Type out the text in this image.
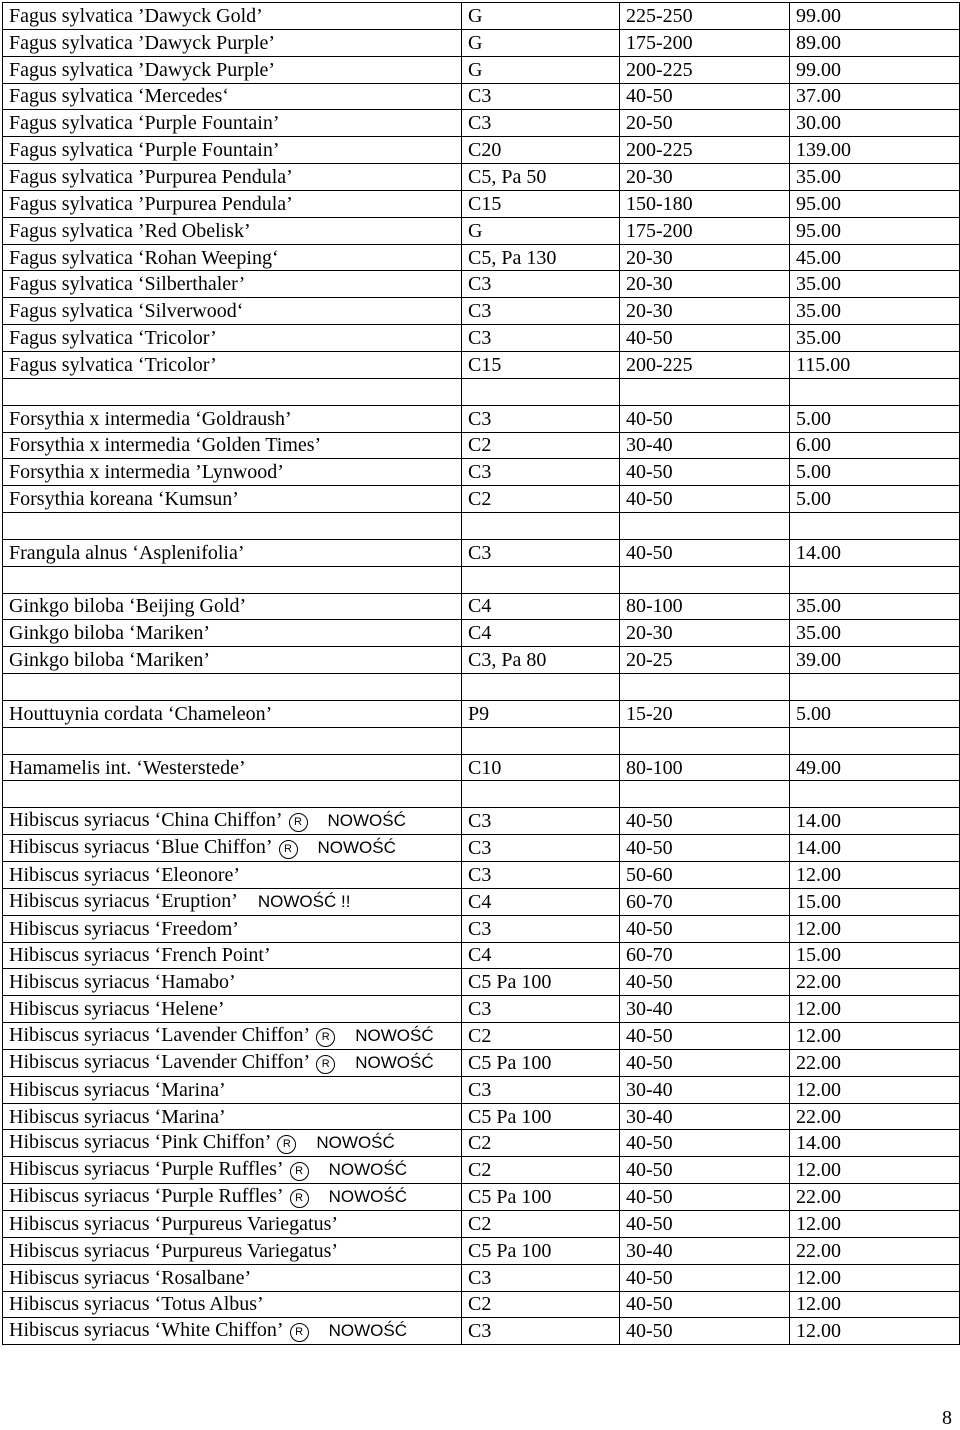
Fagus sylvatica ’Dawyck Gold’	G	225-250	99.00
Fagus sylvatica ’Dawyck Purple’	G	175-200	89.00
Fagus sylvatica ’Dawyck Purple’	G	200-225	99.00
Fagus sylvatica ‘Mercedes‘	C3	40-50	37.00
Fagus sylvatica ‘Purple Fountain’	C3	20-50	30.00
Fagus sylvatica ‘Purple Fountain’	C20	200-225	139.00
Fagus sylvatica ’Purpurea Pendula’	C5, Pa 50	20-30	35.00
Fagus sylvatica ’Purpurea Pendula’	C15	150-180	95.00
Fagus sylvatica ’Red Obelisk’	G	175-200	95.00
Fagus sylvatica ‘Rohan Weeping‘	C5, Pa 130	20-30	45.00
Fagus sylvatica ‘Silberthaler’	C3	20-30	35.00
Fagus sylvatica ‘Silverwood‘	C3	20-30	35.00
Fagus sylvatica ‘Tricolor’	C3	40-50	35.00
Fagus sylvatica ‘Tricolor’	C15	200-225	115.00

Forsythia x intermedia ‘Goldraush’	C3	40-50	5.00
Forsythia x intermedia ‘Golden Times’	C2	30-40	6.00
Forsythia x intermedia ’Lynwood’	C3	40-50	5.00
Forsythia koreana ‘Kumsun’	C2	40-50	5.00

Frangula alnus ‘Asplenifolia’	C3	40-50	14.00

Ginkgo biloba ‘Beijing Gold’	C4	80-100	35.00
Ginkgo biloba ‘Mariken’	C4	20-30	35.00
Ginkgo biloba ‘Mariken’	C3, Pa 80	20-25	39.00

Houttuynia cordata ‘Chameleon’	P9	15-20	5.00

Hamamelis int. ‘Westerstede’	C10	80-100	49.00

Hibiscus syriacus ‘China Chiffon’ R NOWOŚĆ	C3	40-50	14.00
Hibiscus syriacus ‘Blue Chiffon’ R NOWOŚĆ	C3	40-50	14.00
Hibiscus syriacus ‘Eleonore’	C3	50-60	12.00
Hibiscus syriacus ‘Eruption’ NOWOŚĆ !!	C4	60-70	15.00
Hibiscus syriacus ‘Freedom’	C3	40-50	12.00
Hibiscus syriacus ‘French Point’	C4	60-70	15.00
Hibiscus syriacus ‘Hamabo’	C5 Pa 100	40-50	22.00
Hibiscus syriacus ‘Helene’	C3	30-40	12.00
Hibiscus syriacus ‘Lavender Chiffon’ R NOWOŚĆ	C2	40-50	12.00
Hibiscus syriacus ‘Lavender Chiffon’ R NOWOŚĆ	C5 Pa 100	40-50	22.00
Hibiscus syriacus ‘Marina’	C3	30-40	12.00
Hibiscus syriacus ‘Marina’	C5 Pa 100	30-40	22.00
Hibiscus syriacus ‘Pink Chiffon’ R NOWOŚĆ	C2	40-50	14.00
Hibiscus syriacus ‘Purple Ruffles’ R NOWOŚĆ	C2	40-50	12.00
Hibiscus syriacus ‘Purple Ruffles’ R NOWOŚĆ	C5 Pa 100	40-50	22.00
Hibiscus syriacus ‘Purpureus Variegatus’	C2	40-50	12.00
Hibiscus syriacus ‘Purpureus Variegatus’	C5 Pa 100	30-40	22.00
Hibiscus syriacus ‘Rosalbane’	C3	40-50	12.00
Hibiscus syriacus ‘Totus Albus’	C2	40-50	12.00
Hibiscus syriacus ‘White Chiffon’ R NOWOŚĆ	C3	40-50	12.00
8
